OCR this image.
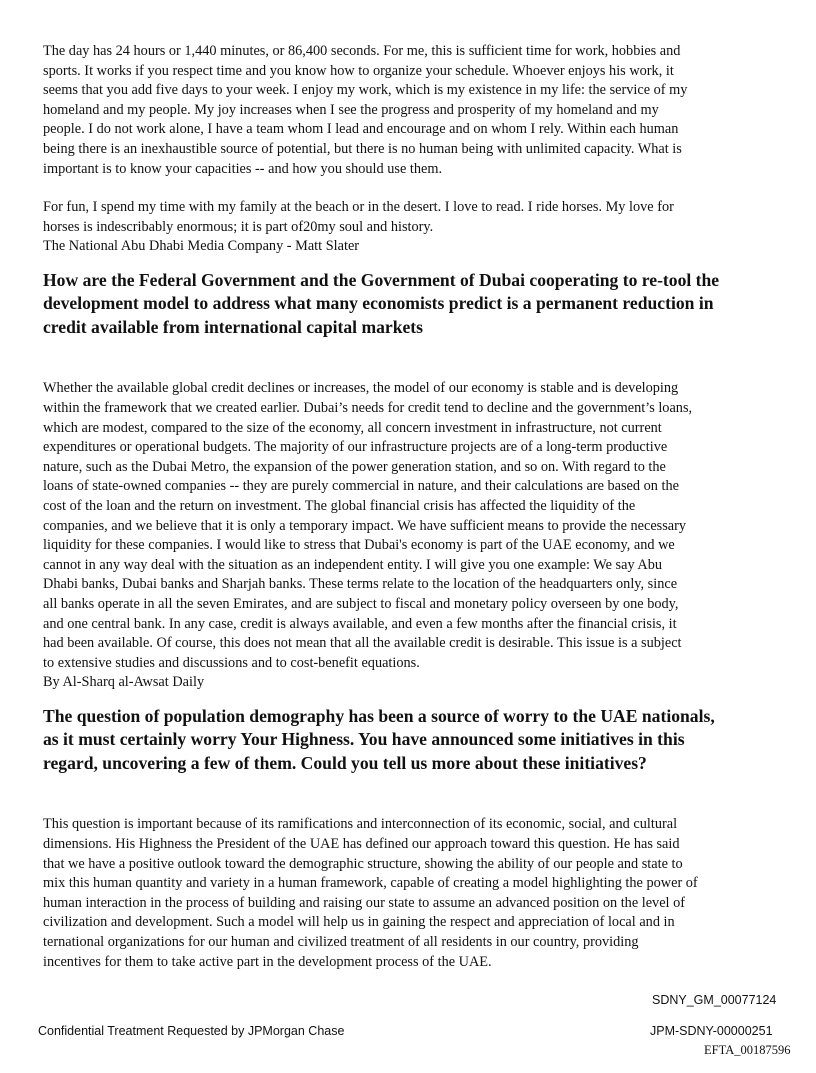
The day has 24 hours or 1,440 minutes, or 86,400 seconds. For me, this is sufficient time for work, hobbies and
sports. It works if you respect time and you know how to organize your schedule. Whoever enjoys his work, it
seems that you add five days to your week. I enjoy my work, which is my existence in my life: the service of my
homeland and my people. My joy increases when I see the progress and prosperity of my homeland and my
people. I do not work alone, I have a team whom I lead and encourage and on whom I rely. Within each human
being there is an inexhaustible source of potential, but there is no human being with unlimited capacity. What is
important is to know your capacities -- and how you should use them.

For fun, I spend my time with my family at the beach or in the desert. I love to read. I ride horses. My love for
horses is indescribably enormous; it is part of20my soul and history.
The National Abu Dhabi Media Company - Matt Slater

How are the Federal Government and the Government of Dubai cooperating to re-tool the
development model to address what many economists predict is a permanent reduction in
credit available from international capital markets

Whether the available global credit declines or increases, the model of our economy is stable and is developing
within the framework that we created earlier. Dubai’s needs for credit tend to decline and the government’s loans,
which are modest, compared to the size of the economy, all concern investment in infrastructure, not current
expenditures or operational budgets. The majority of our infrastructure projects are of a long-term productive
nature, such as the Dubai Metro, the expansion of the power generation station, and so on. With regard to the
loans of state-owned companies -- they are purely commercial in nature, and their calculations are based on the
cost of the loan and the return on investment. The global financial crisis has affected the liquidity of the
companies, and we believe that it is only a temporary impact. We have sufficient means to provide the necessary
liquidity for these companies. I would like to stress that Dubai's economy is part of the UAE economy, and we
cannot in any way deal with the situation as an independent entity. I will give you one example: We say Abu
Dhabi banks, Dubai banks and Sharjah banks. These terms relate to the location of the headquarters only, since
all banks operate in all the seven Emirates, and are subject to fiscal and monetary policy overseen by one body,
and one central bank. In any case, credit is always available, and even a few months after the financial crisis, it
had been available. Of course, this does not mean that all the available credit is desirable. This issue is a subject
to extensive studies and discussions and to cost-benefit equations.
By Al-Sharq al-Awsat Daily

The question of population demography has been a source of worry to the UAE nationals,
as it must certainly worry Your Highness. You have announced some initiatives in this
regard, uncovering a few of them. Could you tell us more about these initiatives?

This question is important because of its ramifications and interconnection of its economic, social, and cultural
dimensions. His Highness the President of the UAE has defined our approach toward this question. He has said
that we have a positive outlook toward the demographic structure, showing the ability of our people and state to
mix this human quantity and variety in a human framework, capable of creating a model highlighting the power of
human interaction in the process of building and raising our state to assume an advanced position on the level of
civilization and development. Such a model will help us in gaining the respect and appreciation of local and in
ternational organizations for our human and civilized treatment of all residents in our country, providing
incentives for them to take active part in the development process of the UAE.

SDNY_GM_00077124
Confidential Treatment Requested by JPMorgan Chase	JPM-SDNY-00000251
EFTA_00187596
